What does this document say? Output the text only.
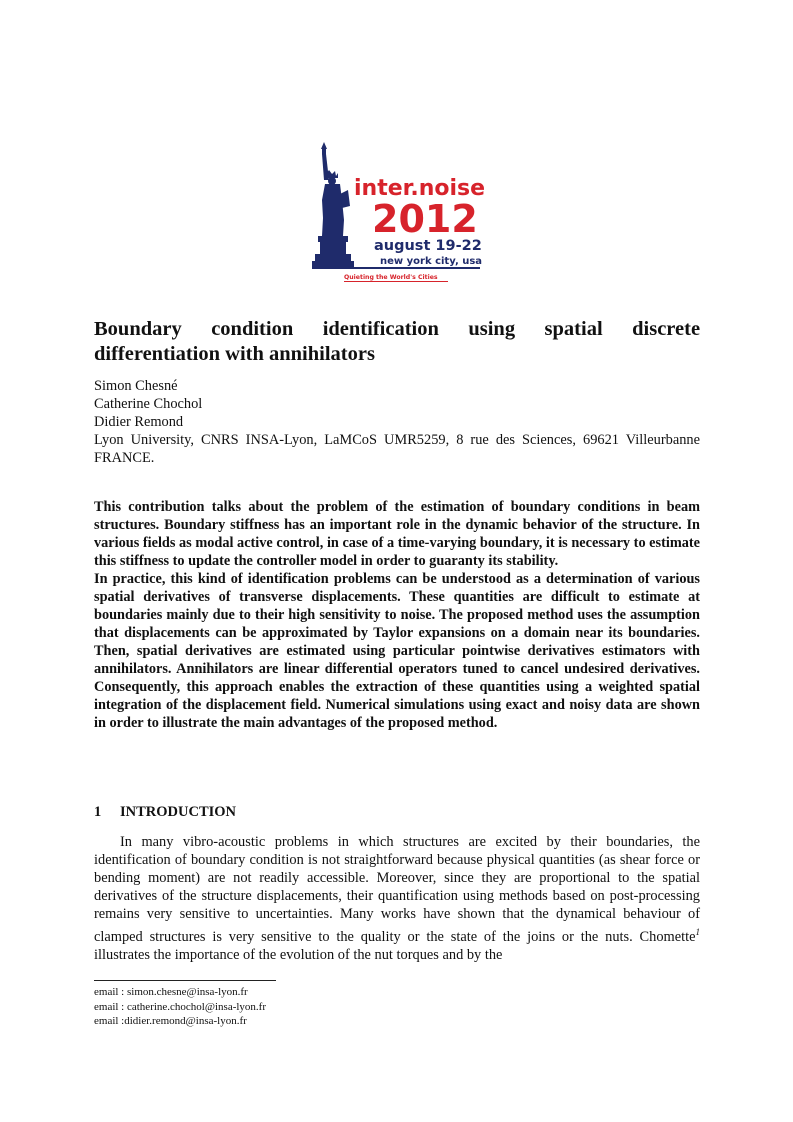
inter.noise
2012
august 19-22
new york city, usa
Quieting the World's Cities
Boundary condition identification using spatial discrete
differentiation with annihilators
Simon Chesné
Catherine Chochol
Didier Remond
Lyon University, CNRS INSA-Lyon, LaMCoS UMR5259, 8 rue des Sciences, 69621 Villeurbanne
FRANCE.

This contribution talks about the problem of the estimation of boundary conditions in beam structures. Boundary stiffness has an important role in the dynamic behavior of the structure. In various fields as modal active control, in case of a time-varying boundary, it is necessary to estimate this stiffness to update the controller model in order to guaranty its stability.

In practice, this kind of identification problems can be understood as a determination of various spatial derivatives of transverse displacements. These quantities are difficult to estimate at boundaries mainly due to their high sensitivity to noise. The proposed method uses the assumption that displacements can be approximated by Taylor expansions on a domain near its boundaries. Then, spatial derivatives are estimated using particular pointwise derivatives estimators with annihilators. Annihilators are linear differential operators tuned to cancel undesired derivatives. Consequently, this approach enables the extraction of these quantities using a weighted spatial integration of the displacement field. Numerical simulations using exact and noisy data are shown in order to illustrate the main advantages of the proposed method.

1 INTRODUCTION

In many vibro-acoustic problems in which structures are excited by their boundaries, the identification of boundary condition is not straightforward because physical quantities (as shear force or bending moment) are not readily accessible. Moreover, since they are proportional to the spatial derivatives of the structure displacements, their quantification using methods based on post-processing remains very sensitive to uncertainties. Many works have shown that the dynamical behaviour of clamped structures is very sensitive to the quality or the state of the joins or the nuts. Chomette$^1$ illustrates the importance of the evolution of the nut torques and by the

email : simon.chesne@insa-lyon.fr
email : catherine.chochol@insa-lyon.fr
email :didier.remond@insa-lyon.fr
